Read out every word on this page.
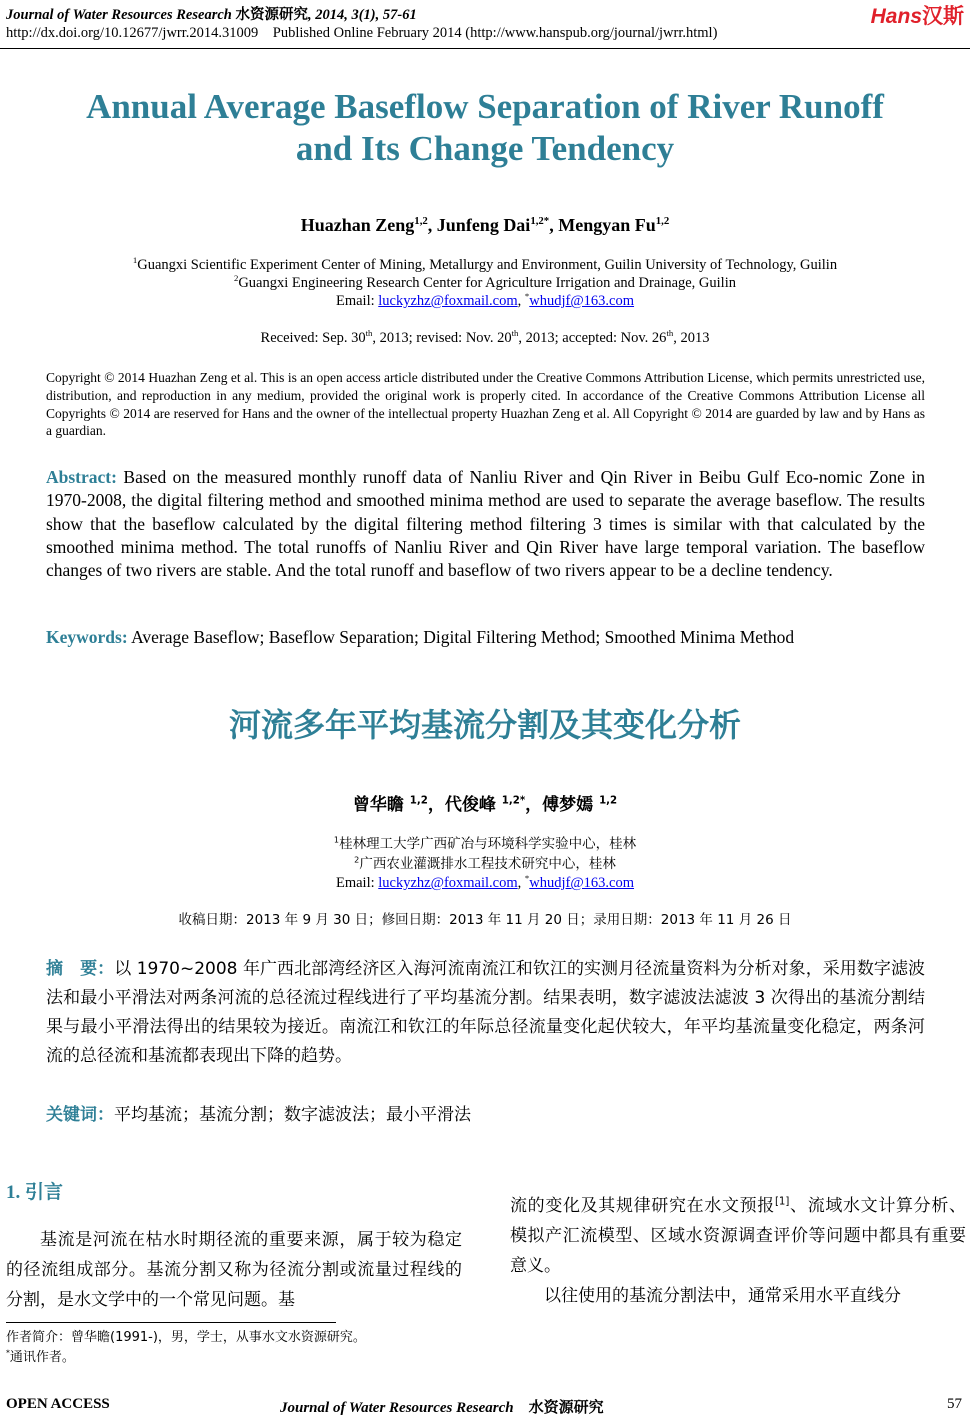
Journal of Water Resources Research 水资源研究, 2014, 3(1), 57-61
http://dx.doi.org/10.12677/jwrr.2014.31009 Published Online February 2014 (http://www.hanspub.org/journal/jwrr.html)
Hans汉斯
Annual Average Baseflow Separation of River Runoff
and Its Change Tendency
Huazhan Zeng$^{1,2}$, Junfeng Dai$^{1,2*}$, Mengyan Fu$^{1,2}$
$^1$Guangxi Scientific Experiment Center of Mining, Metallurgy and Environment, Guilin University of Technology, Guilin
$^2$Guangxi Engineering Research Center for Agriculture Irrigation and Drainage, Guilin
Email: luckyzhz@foxmail.com, *whudjf@163.com
Received: Sep. 30th, 2013; revised: Nov. 20th, 2013; accepted: Nov. 26th, 2013
Copyright © 2014 Huazhan Zeng et al. This is an open access article distributed under the Creative Commons Attribution License, which permits unrestricted use, distribution, and reproduction in any medium, provided the original work is properly cited. In accordance of the Creative Commons Attribution License all Copyrights © 2014 are reserved for Hans and the owner of the intellectual property Huazhan Zeng et al. All Copyright © 2014 are guarded by law and by Hans as a guardian.
Abstract: Based on the measured monthly runoff data of Nanliu River and Qin River in Beibu Gulf Eco-nomic Zone in 1970-2008, the digital filtering method and smoothed minima method are used to separate the average baseflow. The results show that the baseflow calculated by the digital filtering method filtering 3 times is similar with that calculated by the smoothed minima method. The total runoffs of Nanliu River and Qin River have large temporal variation. The baseflow changes of two rivers are stable. And the total runoff and baseflow of two rivers appear to be a decline tendency.
Keywords: Average Baseflow; Baseflow Separation; Digital Filtering Method; Smoothed Minima Method
河流多年平均基流分割及其变化分析
曾华瞻 $^{1,2}$，代俊峰 $^{1,2*}$，傅梦嫣 $^{1,2}$
$^1$桂林理工大学广西矿冶与环境科学实验中心，桂林
$^2$广西农业灌溉排水工程技术研究中心，桂林
Email: luckyzhz@foxmail.com, *whudjf@163.com
收稿日期：2013 年 9 月 30 日；修回日期：2013 年 11 月 20 日；录用日期：2013 年 11 月 26 日
摘　要：以 1970~2008 年广西北部湾经济区入海河流南流江和钦江的实测月径流量资料为分析对象，采用数字滤波法和最小平滑法对两条河流的总径流过程线进行了平均基流分割。结果表明，数字滤波法滤波 3 次得出的基流分割结果与最小平滑法得出的结果较为接近。南流江和钦江的年际总径流量变化起伏较大，年平均基流量变化稳定，两条河流的总径流和基流都表现出下降的趋势。
关键词：平均基流；基流分割；数字滤波法；最小平滑法
1. 引言
基流是河流在枯水时期径流的重要来源，属于较为稳定的径流组成部分。基流分割又称为径流分割或流量过程线的分割，是水文学中的一个常见问题。基
流的变化及其规律研究在水文预报[1]、流域水文计算分析、模拟产汇流模型、区域水资源调查评价等问题中都具有重要意义。
以往使用的基流分割法中，通常采用水平直线分
作者简介：曾华瞻(1991-)，男，学士，从事水文水资源研究。
*通讯作者。
OPEN ACCESS	Journal of Water Resources Research 水资源研究	57
